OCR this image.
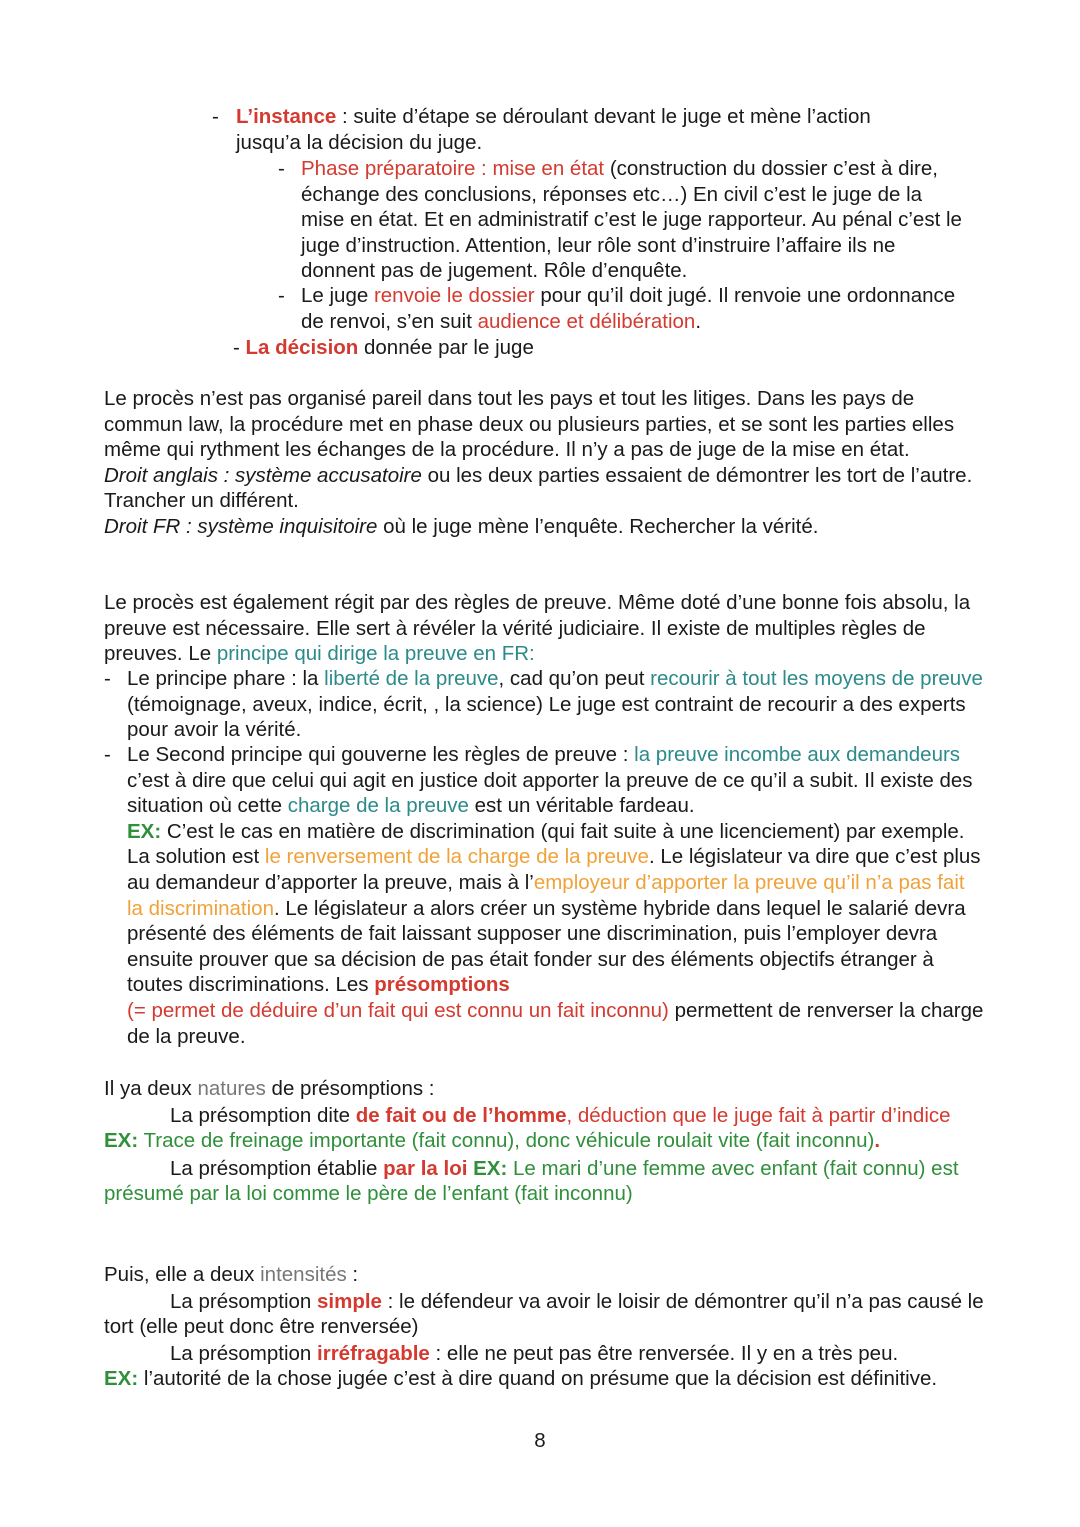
- L’instance : suite d’étape se déroulant devant le juge et mène l’action jusqu’a la décision du juge.
- Phase préparatoire : mise en état (construction du dossier c’est à dire, échange des conclusions, réponses etc…) En civil c’est le juge de la mise en état. Et en administratif c’est le juge rapporteur. Au pénal c’est le juge d’instruction. Attention, leur rôle sont d’instruire l’affaire ils ne donnent pas de jugement. Rôle d’enquête.
- Le juge renvoie le dossier pour qu’il doit jugé. Il renvoie une ordonnance de renvoi, s’en suit audience et délibération.
- La décision donnée par le juge
Le procès n’est pas organisé pareil dans tout les pays et tout les litiges. Dans les pays de commun law, la procédure met en phase deux ou plusieurs parties, et se sont les parties elles même qui rythment les échanges de la procédure. Il n’y a pas de juge de la mise en état.
Droit anglais : système accusatoire ou les deux parties essaient de démontrer les tort de l’autre. Trancher un différent.
Droit FR : système inquisitoire où le juge mène l’enquête. Rechercher la vérité.
Le procès est également régit par des règles de preuve. Même doté d’une bonne fois absolu, la preuve est nécessaire. Elle sert à révéler la vérité judiciaire. Il existe de multiples règles de preuves. Le principe qui dirige la preuve en FR:
- Le principe phare : la liberté de la preuve, cad qu’on peut recourir à tout les moyens de preuve (témoignage, aveux, indice, écrit, , la science) Le juge est contraint de recourir a des experts pour avoir la vérité.
- Le Second principe qui gouverne les règles de preuve : la preuve incombe aux demandeurs c’est à dire que celui qui agit en justice doit apporter la preuve de ce qu’il a subit. Il existe des situation où cette charge de la preuve est un véritable fardeau.
EX: C’est le cas en matière de discrimination (qui fait suite à une licenciement) par exemple. La solution est le renversement de la charge de la preuve. Le législateur va dire que c’est plus au demandeur d’apporter la preuve, mais à l’employeur d’apporter la preuve qu’il n’a pas fait la discrimination. Le législateur a alors créer un système hybride dans lequel le salarié devra présenté des éléments de fait laissant supposer une discrimination, puis l’employer devra ensuite prouver que sa décision de pas était fonder sur des éléments objectifs étranger à toutes discriminations. Les présomptions
(= permet de déduire d’un fait qui est connu un fait inconnu) permettent de renverser la charge de la preuve.
Il ya deux natures de présomptions :
La présomption dite de fait ou de l’homme, déduction que le juge fait à partir d’indice EX: Trace de freinage importante (fait connu), donc véhicule roulait vite (fait inconnu).
La présomption établie par la loi EX: Le mari d’une femme avec enfant (fait connu) est présumé par la loi comme le père de l’enfant (fait inconnu)
Puis, elle a deux intensités :
La présomption simple : le défendeur va avoir le loisir de démontrer qu’il n’a pas causé le tort (elle peut donc être renversée)
La présomption irréfragable : elle ne peut pas être renversée. Il y en a très peu.
EX: l’autorité de la chose jugée c’est à dire quand on présume que la décision est définitive.
8
